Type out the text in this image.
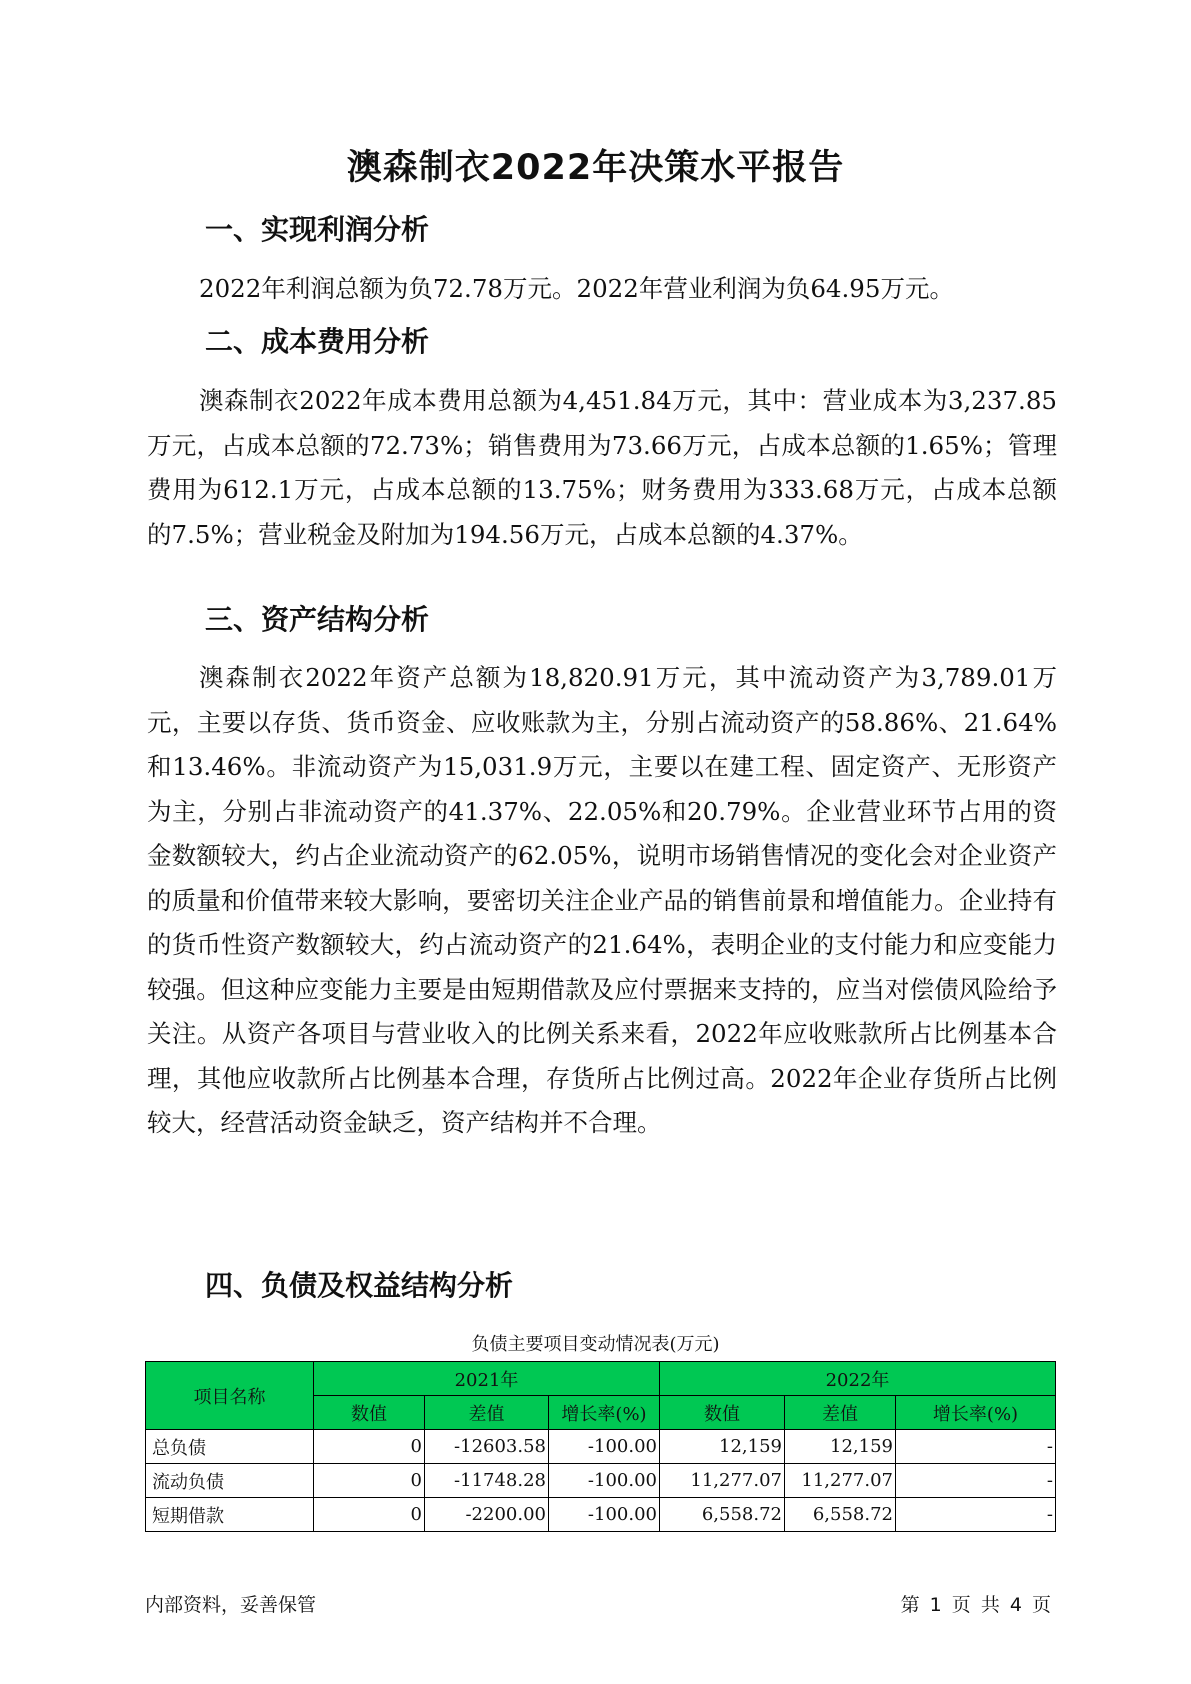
澳森制衣2022年决策水平报告
一、实现利润分析

2022年利润总额为负72.78万元。2022年营业利润为负64.95万元。

二、成本费用分析

澳森制衣2022年成本费用总额为4,451.84万元，其中：营业成本为3,237.85万元，占成本总额的72.73%；销售费用为73.66万元，占成本总额的1.65%；管理费用为612.1万元，占成本总额的13.75%；财务费用为333.68万元，占成本总额的7.5%；营业税金及附加为194.56万元，占成本总额的4.37%。

三、资产结构分析

澳森制衣2022年资产总额为18,820.91万元，其中流动资产为3,789.01万元，主要以存货、货币资金、应收账款为主，分别占流动资产的58.86%、21.64%和13.46%。非流动资产为15,031.9万元，主要以在建工程、固定资产、无形资产为主，分别占非流动资产的41.37%、22.05%和20.79%。企业营业环节占用的资金数额较大，约占企业流动资产的62.05%，说明市场销售情况的变化会对企业资产的质量和价值带来较大影响，要密切关注企业产品的销售前景和增值能力。企业持有的货币性资产数额较大，约占流动资产的21.64%，表明企业的支付能力和应变能力较强。但这种应变能力主要是由短期借款及应付票据来支持的，应当对偿债风险给予关注。从资产各项目与营业收入的比例关系来看，2022年应收账款所占比例基本合理，其他应收款所占比例基本合理，存货所占比例过高。2022年企业存货所占比例较大，经营活动资金缺乏，资产结构并不合理。

四、负债及权益结构分析
负债主要项目变动情况表(万元)
项目名称	2021年			2022年		
	数值	差值	增长率(%)	数值	差值	增长率(%)
总负债	0	-12603.58	-100.00	12,159	12,159	-
流动负债	0	-11748.28	-100.00	11,277.07	11,277.07	-
短期借款	0	-2200.00	-100.00	6,558.72	6,558.72	-
内部资料，妥善保管	第 1 页 共 4 页
